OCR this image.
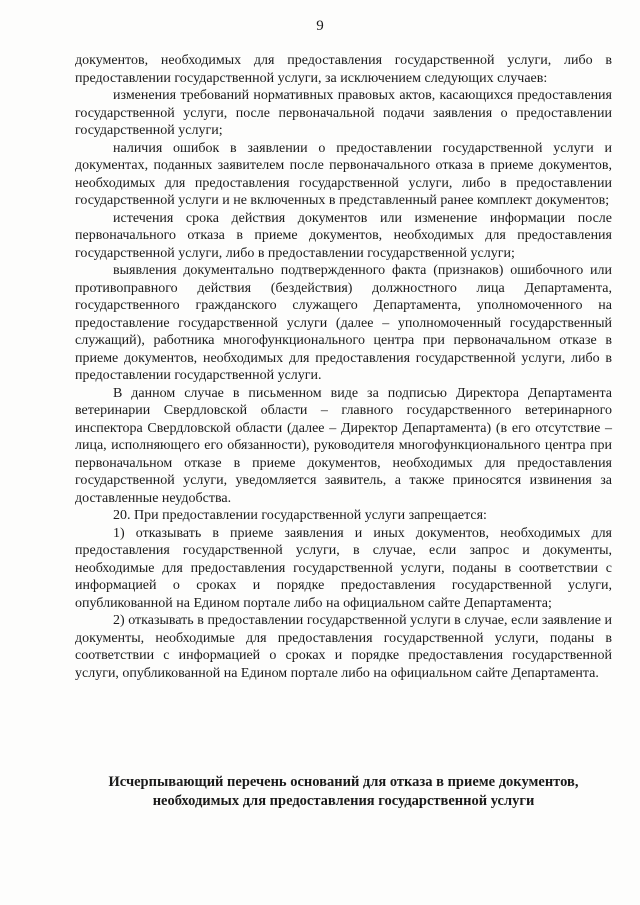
9

документов, необходимых для предоставления государственной услуги, либо в предоставлении государственной услуги, за исключением следующих случаев:

изменения требований нормативных правовых актов, касающихся предоставления государственной услуги, после первоначальной подачи заявления о предоставлении государственной услуги;

наличия ошибок в заявлении о предоставлении государственной услуги и документах, поданных заявителем после первоначального отказа в приеме документов, необходимых для предоставления государственной услуги, либо в предоставлении государственной услуги и не включенных в представленный ранее комплект документов;

истечения срока действия документов или изменение информации после первоначального отказа в приеме документов, необходимых для предоставления государственной услуги, либо в предоставлении государственной услуги;

выявления документально подтвержденного факта (признаков) ошибочного или противоправного действия (бездействия) должностного лица Департамента, государственного гражданского служащего Департамента, уполномоченного на предоставление государственной услуги (далее – уполномоченный государственный служащий), работника многофункционального центра при первоначальном отказе в приеме документов, необходимых для предоставления государственной услуги, либо в предоставлении государственной услуги.

В данном случае в письменном виде за подписью Директора Департамента ветеринарии Свердловской области – главного государственного ветеринарного инспектора Свердловской области (далее – Директор Департамента) (в его отсутствие – лица, исполняющего его обязанности), руководителя многофункционального центра при первоначальном отказе в приеме документов, необходимых для предоставления государственной услуги, уведомляется заявитель, а также приносятся извинения за доставленные неудобства.

20. При предоставлении государственной услуги запрещается:

1) отказывать в приеме заявления и иных документов, необходимых для предоставления государственной услуги, в случае, если запрос и документы, необходимые для предоставления государственной услуги, поданы в соответствии с информацией о сроках и порядке предоставления государственной услуги, опубликованной на Едином портале либо на официальном сайте Департамента;

2) отказывать в предоставлении государственной услуги в случае, если заявление и документы, необходимые для предоставления государственной услуги, поданы в соответствии с информацией о сроках и порядке предоставления государственной услуги, опубликованной на Едином портале либо на официальном сайте Департамента.

Исчерпывающий перечень оснований для отказа в приеме документов,
необходимых для предоставления государственной услуги
